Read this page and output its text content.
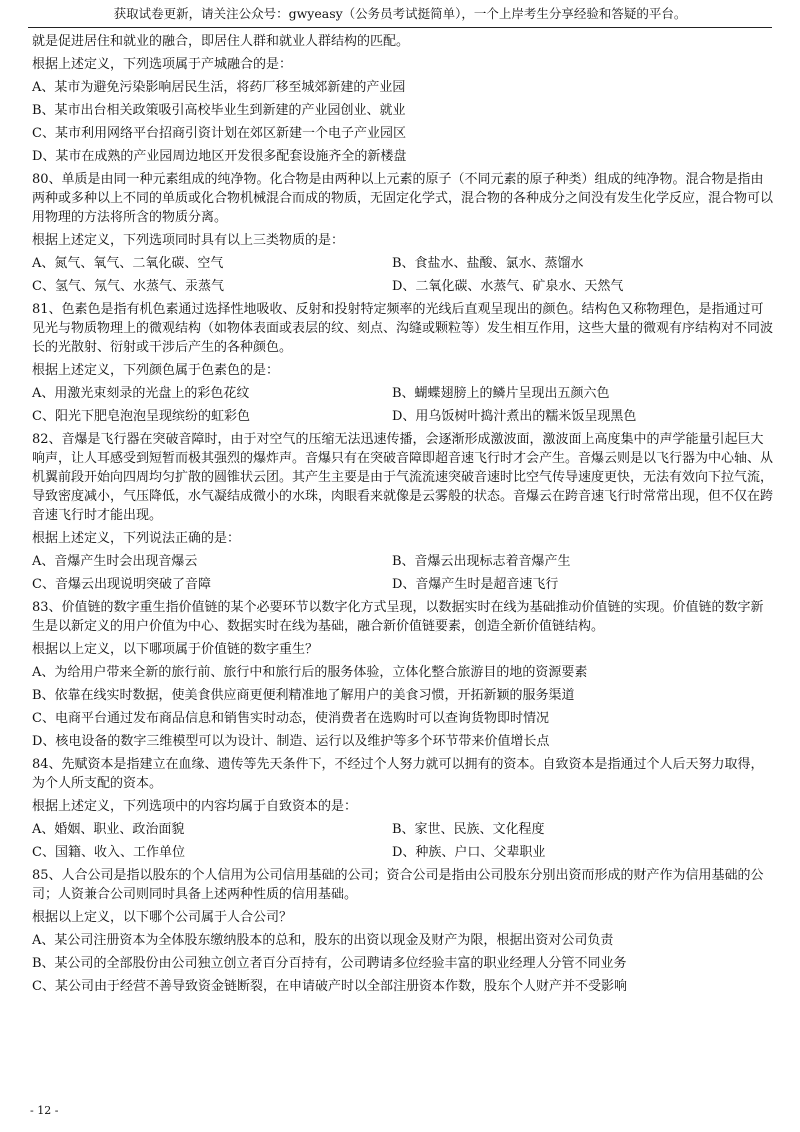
获取试卷更新，请关注公众号：gwyeasy（公务员考试挺简单），一个上岸考生分享经验和答疑的平台。
就是促进居住和就业的融合，即居住人群和就业人群结构的匹配。
根据上述定义，下列选项属于产城融合的是：
A、某市为避免污染影响居民生活，将药厂移至城郊新建的产业园
B、某市出台相关政策吸引高校毕业生到新建的产业园创业、就业
C、某市利用网络平台招商引资计划在郊区新建一个电子产业园区
D、某市在成熟的产业园周边地区开发很多配套设施齐全的新楼盘
80、单质是由同一种元素组成的纯净物。化合物是由两种以上元素的原子（不同元素的原子种类）组成的纯净物。混合物是指由两种或多种以上不同的单质或化合物机械混合而成的物质，无固定化学式，混合物的各种成分之间没有发生化学反应，混合物可以用物理的方法将所含的物质分离。
根据上述定义，下列选项同时具有以上三类物质的是：
A、氮气、氧气、二氧化碳、空气	B、食盐水、盐酸、氯水、蒸馏水
C、氢气、氖气、水蒸气、汞蒸气	D、二氧化碳、水蒸气、矿泉水、天然气
81、色素色是指有机色素通过选择性地吸收、反射和投射特定频率的光线后直观呈现出的颜色。结构色又称物理色，是指通过可见光与物质物理上的微观结构（如物体表面或表层的纹、刻点、沟缝或颗粒等）发生相互作用，这些大量的微观有序结构对不同波长的光散射、衍射或干涉后产生的各种颜色。
根据上述定义，下列颜色属于色素色的是：
A、用激光束刻录的光盘上的彩色花纹	B、蝴蝶翅膀上的鳞片呈现出五颜六色
C、阳光下肥皂泡泡呈现缤纷的虹彩色	D、用乌饭树叶捣汁煮出的糯米饭呈现黑色
82、音爆是飞行器在突破音障时，由于对空气的压缩无法迅速传播，会逐渐形成激波面，激波面上高度集中的声学能量引起巨大响声，让人耳感受到短暂而极其强烈的爆炸声。音爆只有在突破音障即超音速飞行时才会产生。音爆云则是以飞行器为中心轴、从机翼前段开始向四周均匀扩散的圆锥状云团。其产生主要是由于气流流速突破音速时比空气传导速度更快，无法有效向下拉气流，导致密度减小，气压降低，水气凝结成微小的水珠，肉眼看来就像是云雾般的状态。音爆云在跨音速飞行时常常出现，但不仅在跨音速飞行时才能出现。
根据上述定义，下列说法正确的是：
A、音爆产生时会出现音爆云	B、音爆云出现标志着音爆产生
C、音爆云出现说明突破了音障	D、音爆产生时是超音速飞行
83、价值链的数字重生指价值链的某个必要环节以数字化方式呈现，以数据实时在线为基础推动价值链的实现。价值链的数字新生是以新定义的用户价值为中心、数据实时在线为基础，融合新价值链要素，创造全新价值链结构。
根据以上定义，以下哪项属于价值链的数字重生？
A、为给用户带来全新的旅行前、旅行中和旅行后的服务体验，立体化整合旅游目的地的资源要素
B、依靠在线实时数据，使美食供应商更便利精准地了解用户的美食习惯，开拓新颖的服务渠道
C、电商平台通过发布商品信息和销售实时动态，使消费者在选购时可以查询货物即时情况
D、核电设备的数字三维模型可以为设计、制造、运行以及维护等多个环节带来价值增长点
84、先赋资本是指建立在血缘、遗传等先天条件下，不经过个人努力就可以拥有的资本。自致资本是指通过个人后天努力取得，为个人所支配的资本。
根据上述定义，下列选项中的内容均属于自致资本的是：
A、婚姻、职业、政治面貌	B、家世、民族、文化程度
C、国籍、收入、工作单位	D、种族、户口、父辈职业
85、人合公司是指以股东的个人信用为公司信用基础的公司；资合公司是指由公司股东分别出资而形成的财产作为信用基础的公司；人资兼合公司则同时具备上述两种性质的信用基础。
根据以上定义，以下哪个公司属于人合公司？
A、某公司注册资本为全体股东缴纳股本的总和，股东的出资以现金及财产为限，根据出资对公司负责
B、某公司的全部股份由公司独立创立者百分百持有，公司聘请多位经验丰富的职业经理人分管不同业务
C、某公司由于经营不善导致资金链断裂，在申请破产时以全部注册资本作数，股东个人财产并不受影响
- 12 -
